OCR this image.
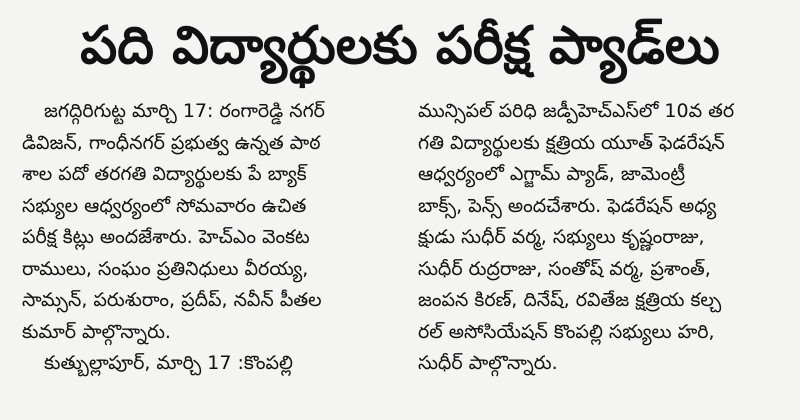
పది విద్యార్థులకు పరీక్ష ప్యాడ్‌లు
జగద్గిరిగుట్ట మార్చి 17: రంగారెడ్డి నగర్
డివిజన్, గాంధీనగర్ ప్రభుత్వ ఉన్నత పాఠ
శాల పదో తరగతి విద్యార్థులకు పే బ్యాక్
సభ్యుల ఆధ్వర్యంలో సోమవారం ఉచిత
పరీక్ష కిట్లు అందజేశారు. హెచ్‌ఎం వెంకట
రాములు, సంఘం ప్రతినిధులు వీరయ్య,
సామ్సన్, పరుశురాం, ప్రదీప్, నవీన్ పీతల
కుమార్ పాల్గొన్నారు.
కుత్బుల్లాపూర్, మార్చి 17 :కొంపల్లి
మున్సిపల్ పరిధి జడ్పీహెచ్‌ఎస్‌లో 10వ తర
గతి విద్యార్థులకు క్షత్రియ యూత్ ఫెడరేషన్
ఆధ్వర్యంలో ఎగ్జామ్ ప్యాడ్, జామెంట్రీ
బాక్స్, పెన్స్ అందచేశారు. ఫెడరేషన్ అధ్య
క్షుడు సుధీర్ వర్మ, సభ్యులు కృష్ణంరాజు,
సుధీర్ రుద్రరాజు, సంతోష్ వర్మ, ప్రశాంత్,
జంపన కిరణ్, దినేష్, రవితేజ క్షత్రియ కల్చ
రల్ అసోసియేషన్ కొంపల్లి సభ్యులు హరి,
సుధీర్ పాల్గొన్నారు.
